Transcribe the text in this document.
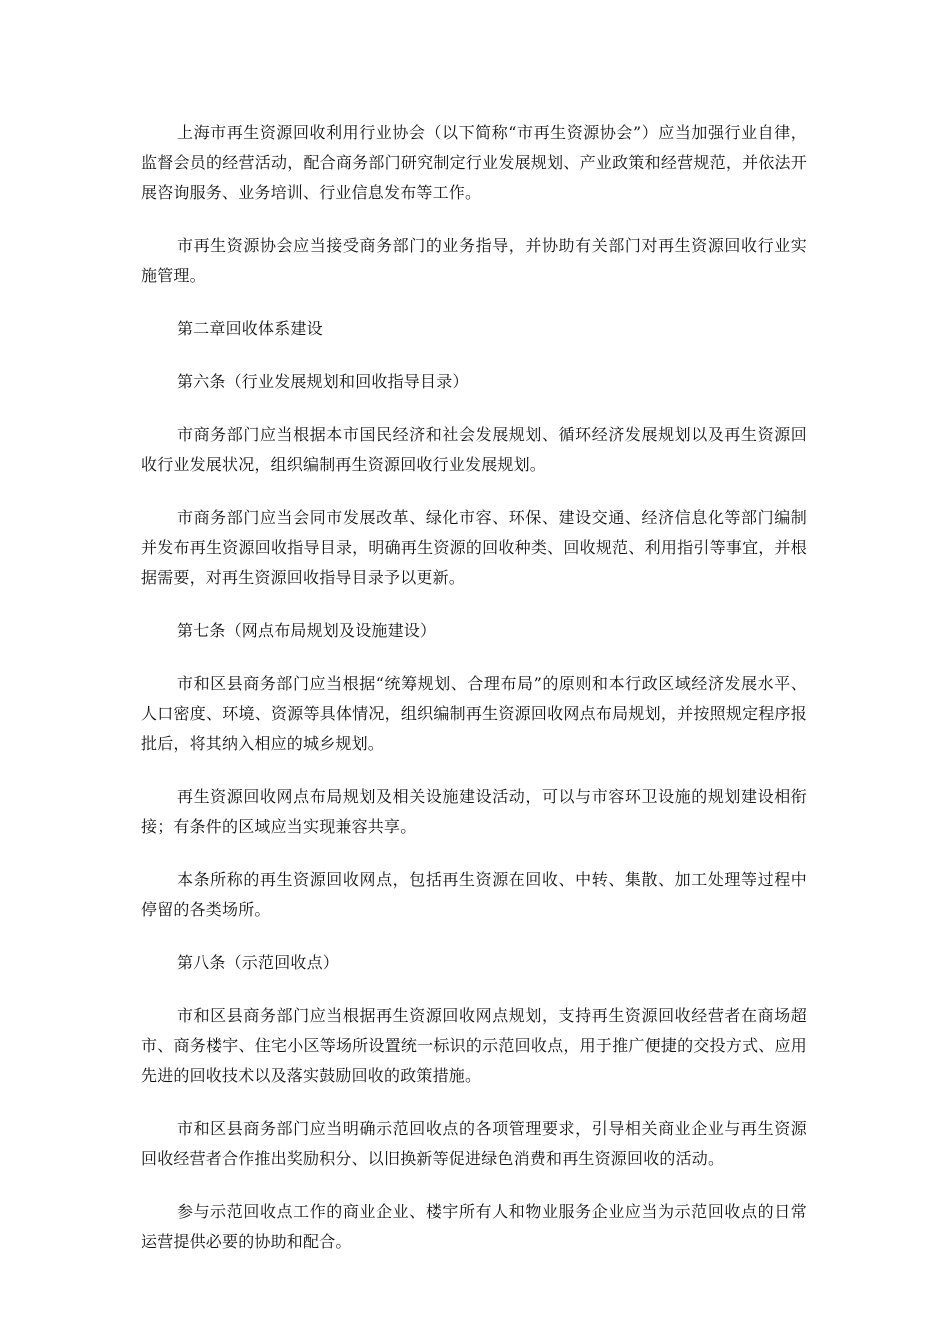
上海市再生资源回收利用行业协会（以下简称“市再生资源协会”）应当加强行业自律，监督会员的经营活动，配合商务部门研究制定行业发展规划、产业政策和经营规范，并依法开展咨询服务、业务培训、行业信息发布等工作。

市再生资源协会应当接受商务部门的业务指导，并协助有关部门对再生资源回收行业实施管理。

第二章回收体系建设

第六条（行业发展规划和回收指导目录）

市商务部门应当根据本市国民经济和社会发展规划、循环经济发展规划以及再生资源回收行业发展状况，组织编制再生资源回收行业发展规划。

市商务部门应当会同市发展改革、绿化市容、环保、建设交通、经济信息化等部门编制并发布再生资源回收指导目录，明确再生资源的回收种类、回收规范、利用指引等事宜，并根据需要，对再生资源回收指导目录予以更新。

第七条（网点布局规划及设施建设）

市和区县商务部门应当根据“统筹规划、合理布局”的原则和本行政区域经济发展水平、人口密度、环境、资源等具体情况，组织编制再生资源回收网点布局规划，并按照规定程序报批后，将其纳入相应的城乡规划。

再生资源回收网点布局规划及相关设施建设活动，可以与市容环卫设施的规划建设相衔接；有条件的区域应当实现兼容共享。

本条所称的再生资源回收网点，包括再生资源在回收、中转、集散、加工处理等过程中停留的各类场所。

第八条（示范回收点）

市和区县商务部门应当根据再生资源回收网点规划，支持再生资源回收经营者在商场超市、商务楼宇、住宅小区等场所设置统一标识的示范回收点，用于推广便捷的交投方式、应用先进的回收技术以及落实鼓励回收的政策措施。

市和区县商务部门应当明确示范回收点的各项管理要求，引导相关商业企业与再生资源回收经营者合作推出奖励积分、以旧换新等促进绿色消费和再生资源回收的活动。

参与示范回收点工作的商业企业、楼宇所有人和物业服务企业应当为示范回收点的日常运营提供必要的协助和配合。
